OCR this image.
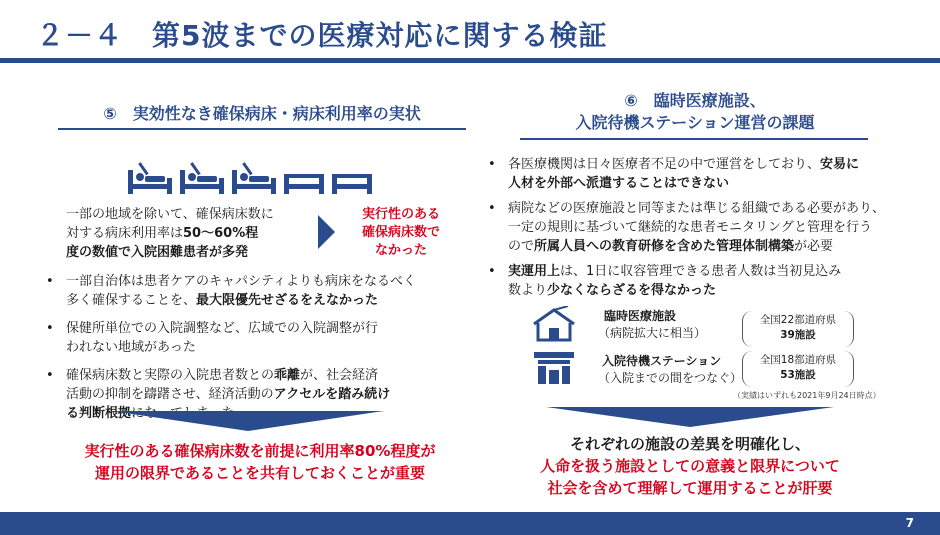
２－４　第5波までの医療対応に関する検証
⑤　実効性なき確保病床・病床利用率の実状
一部の地域を除いて、確保病床数に
対する病床利用率は50～60%程
度の数値で入院困難患者が多発
実行性のある
確保病床数で
なかった
• 一部自治体は患者ケアのキャパシティよりも病床をなるべく
多く確保することを、最大限優先せざるをえなかった
• 保健所単位での入院調整など、広域での入院調整が行
われない地域があった
• 確保病床数と実際の入院患者数との乖離が、社会経済
活動の抑制を躊躇させ、経済活動のアクセルを踏み続け
る判断根拠になってしまった
実行性のある確保病床数を前提に利用率80%程度が
運用の限界であることを共有しておくことが重要
⑥　臨時医療施設、
入院待機ステーション運営の課題
• 各医療機関は日々医療者不足の中で運営をしており、安易に
人材を外部へ派遣することはできない
• 病院などの医療施設と同等または準じる組織である必要があり、
一定の規則に基づいて継続的な患者モニタリングと管理を行う
ので所属人員への教育研修を含めた管理体制構築が必要
• 実運用上は、1日に収容管理できる患者人数は当初見込み
数より少なくならざるを得なかった
臨時医療施設
（病院拡大に相当）
全国22都道府県
39施設
入院待機ステーション
（入院までの間をつなぐ）
全国18都道府県
53施設
（実績はいずれも2021年9月24日時点）
それぞれの施設の差異を明確化し、
人命を扱う施設としての意義と限界について
社会を含めて理解して運用することが肝要
7
